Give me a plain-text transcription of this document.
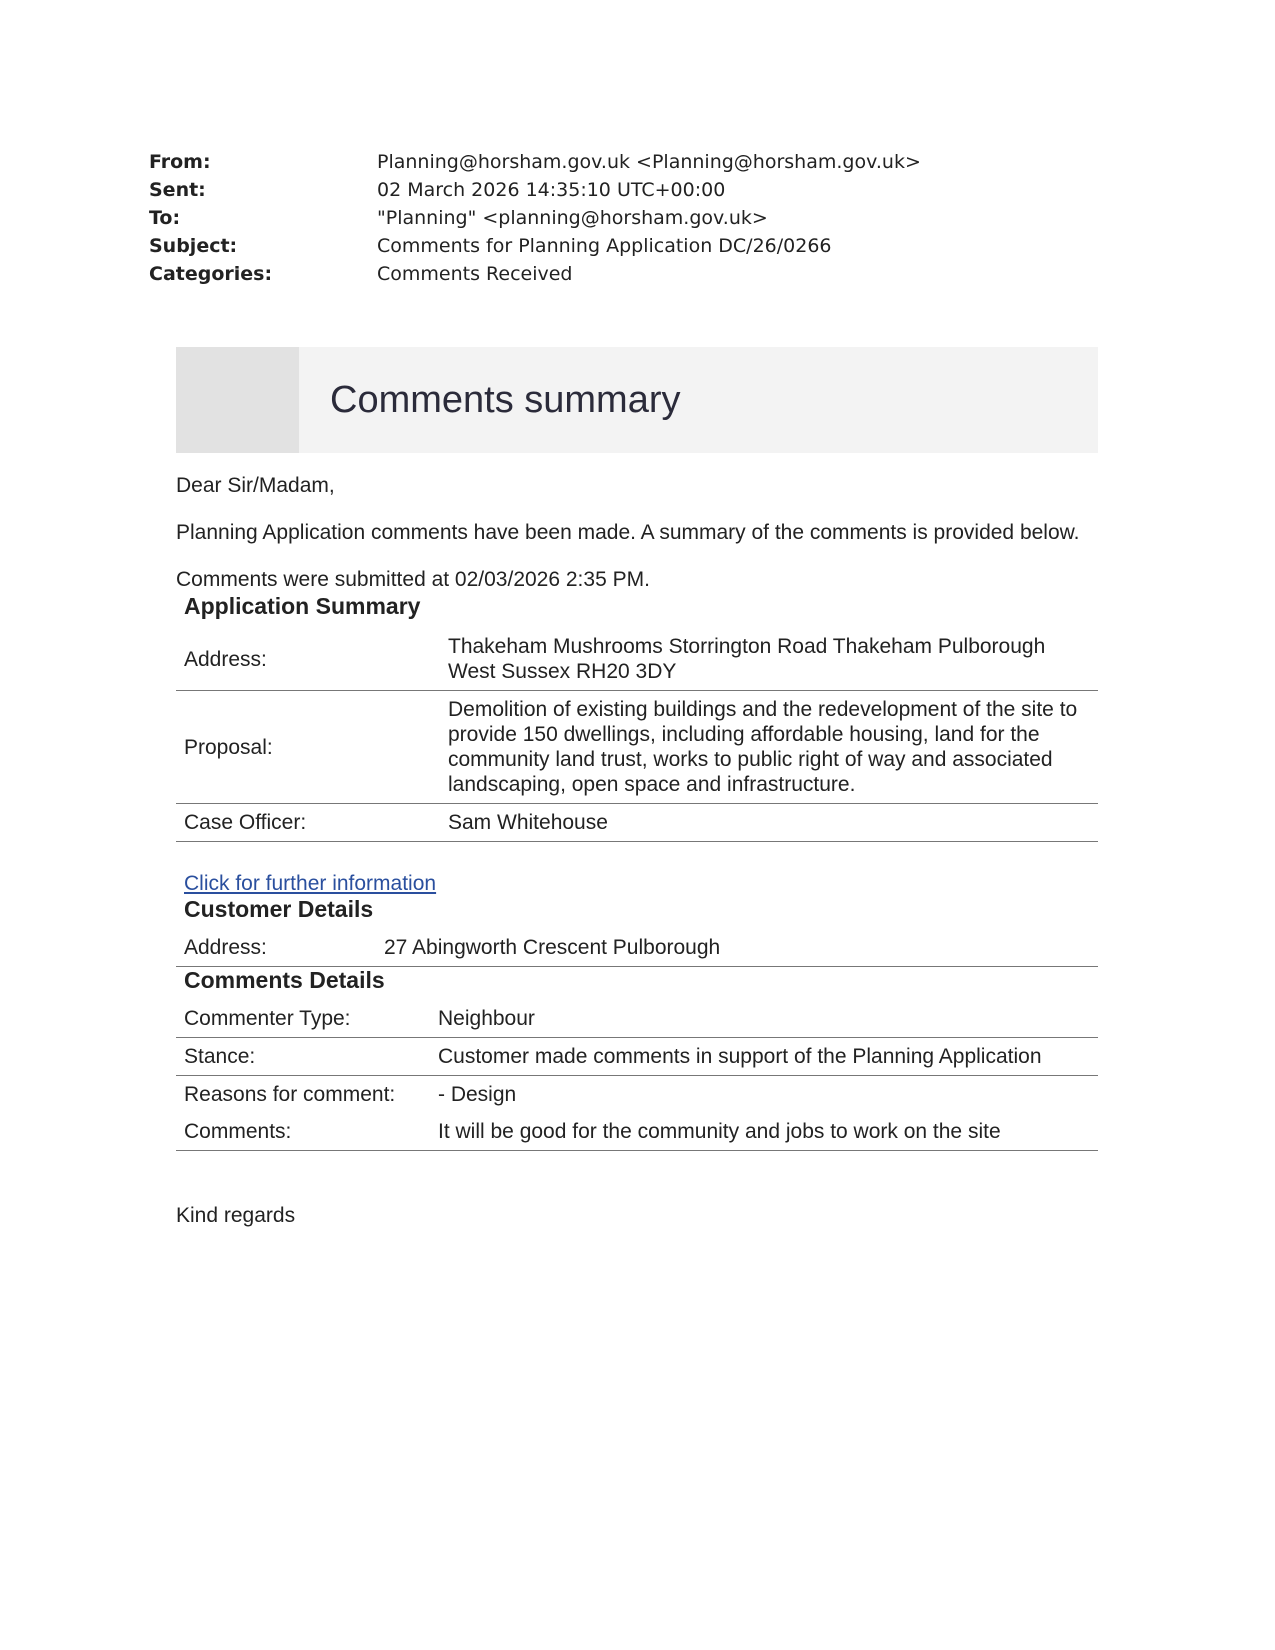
From:	Planning@horsham.gov.uk <Planning@horsham.gov.uk>
Sent:	02 March 2026 14:35:10 UTC+00:00
To:	"Planning" <planning@horsham.gov.uk>
Subject:	Comments for Planning Application DC/26/0266
Categories:	Comments Received
Comments summary

Dear Sir/Madam,

Planning Application comments have been made. A summary of the comments is provided below.

Comments were submitted at 02/03/2026 2:35 PM.

Application Summary
Address:	Thakeham Mushrooms Storrington Road Thakeham Pulborough West Sussex RH20 3DY
Proposal:	Demolition of existing buildings and the redevelopment of the site to provide 150 dwellings, including affordable housing, land for the community land trust, works to public right of way and associated landscaping, open space and infrastructure.
Case Officer:	Sam Whitehouse
Click for further information
Customer Details
Address:	27 Abingworth Crescent Pulborough
Comments Details
Commenter Type:	Neighbour
Stance:	Customer made comments in support of the Planning Application
Reasons for comment:	- Design
Comments:	It will be good for the community and jobs to work on the site

Kind regards
